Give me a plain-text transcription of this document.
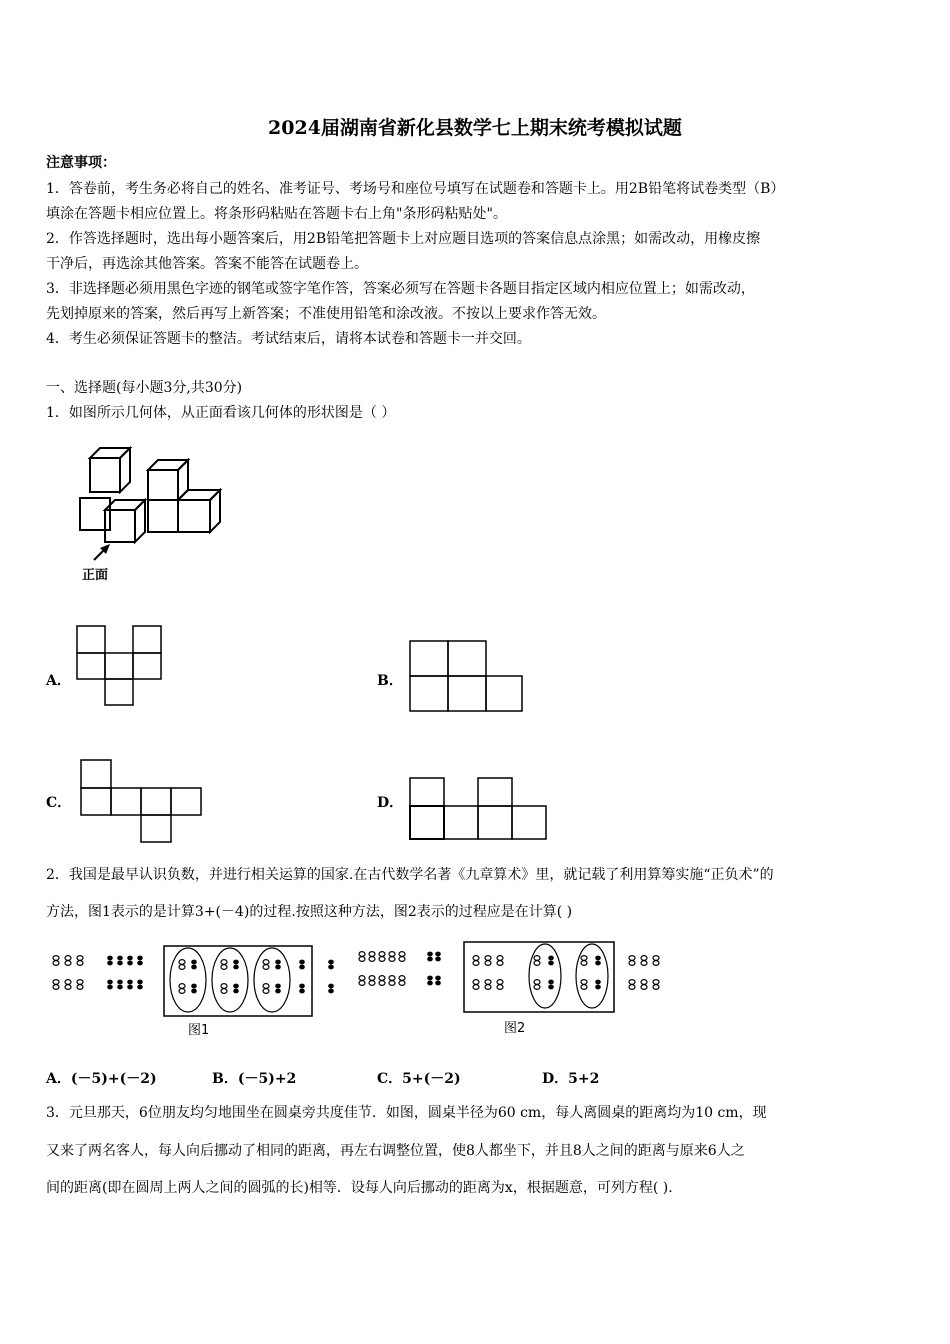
2024届湖南省新化县数学七上期末统考模拟试题
注意事项：
1．答卷前，考生务必将自己的姓名、准考证号、考场号和座位号填写在试题卷和答题卡上。用2B铅笔将试卷类型（B）
填涂在答题卡相应位置上。将条形码粘贴在答题卡右上角"条形码粘贴处"。
2．作答选择题时，选出每小题答案后，用2B铅笔把答题卡上对应题目选项的答案信息点涂黑；如需改动，用橡皮擦
干净后，再选涂其他答案。答案不能答在试题卷上。
3．非选择题必须用黑色字迹的钢笔或签字笔作答，答案必须写在答题卡各题目指定区域内相应位置上；如需改动，
先划掉原来的答案，然后再写上新答案；不准使用铅笔和涂改液。不按以上要求作答无效。
4．考生必须保证答题卡的整洁。考试结束后，请将本试卷和答题卡一并交回。
一、选择题(每小题3分,共30分)
1．如图所示几何体，从正面看该几何体的形状图是（ ）
正面
A．	B．
C．	D．
2．我国是最早认识负数，并进行相关运算的国家.在古代数学名著《九章算术》里，就记载了利用算筹实施“正负术”的
方法，图1表示的是计算3+(－4)的过程.按照这种方法，图2表示的过程应是在计算( )
图1	图2
A．(－5)+(－2)	B．(－5)+2	C．5+(－2)	D．5+2
3．元旦那天，6位朋友均匀地围坐在圆桌旁共度佳节．如图，圆桌半径为60 cm，每人离圆桌的距离均为10 cm，现
又来了两名客人，每人向后挪动了相同的距离，再左右调整位置，使8人都坐下，并且8人之间的距离与原来6人之
间的距离(即在圆周上两人之间的圆弧的长)相等．设每人向后挪动的距离为x，根据题意，可列方程( ).
